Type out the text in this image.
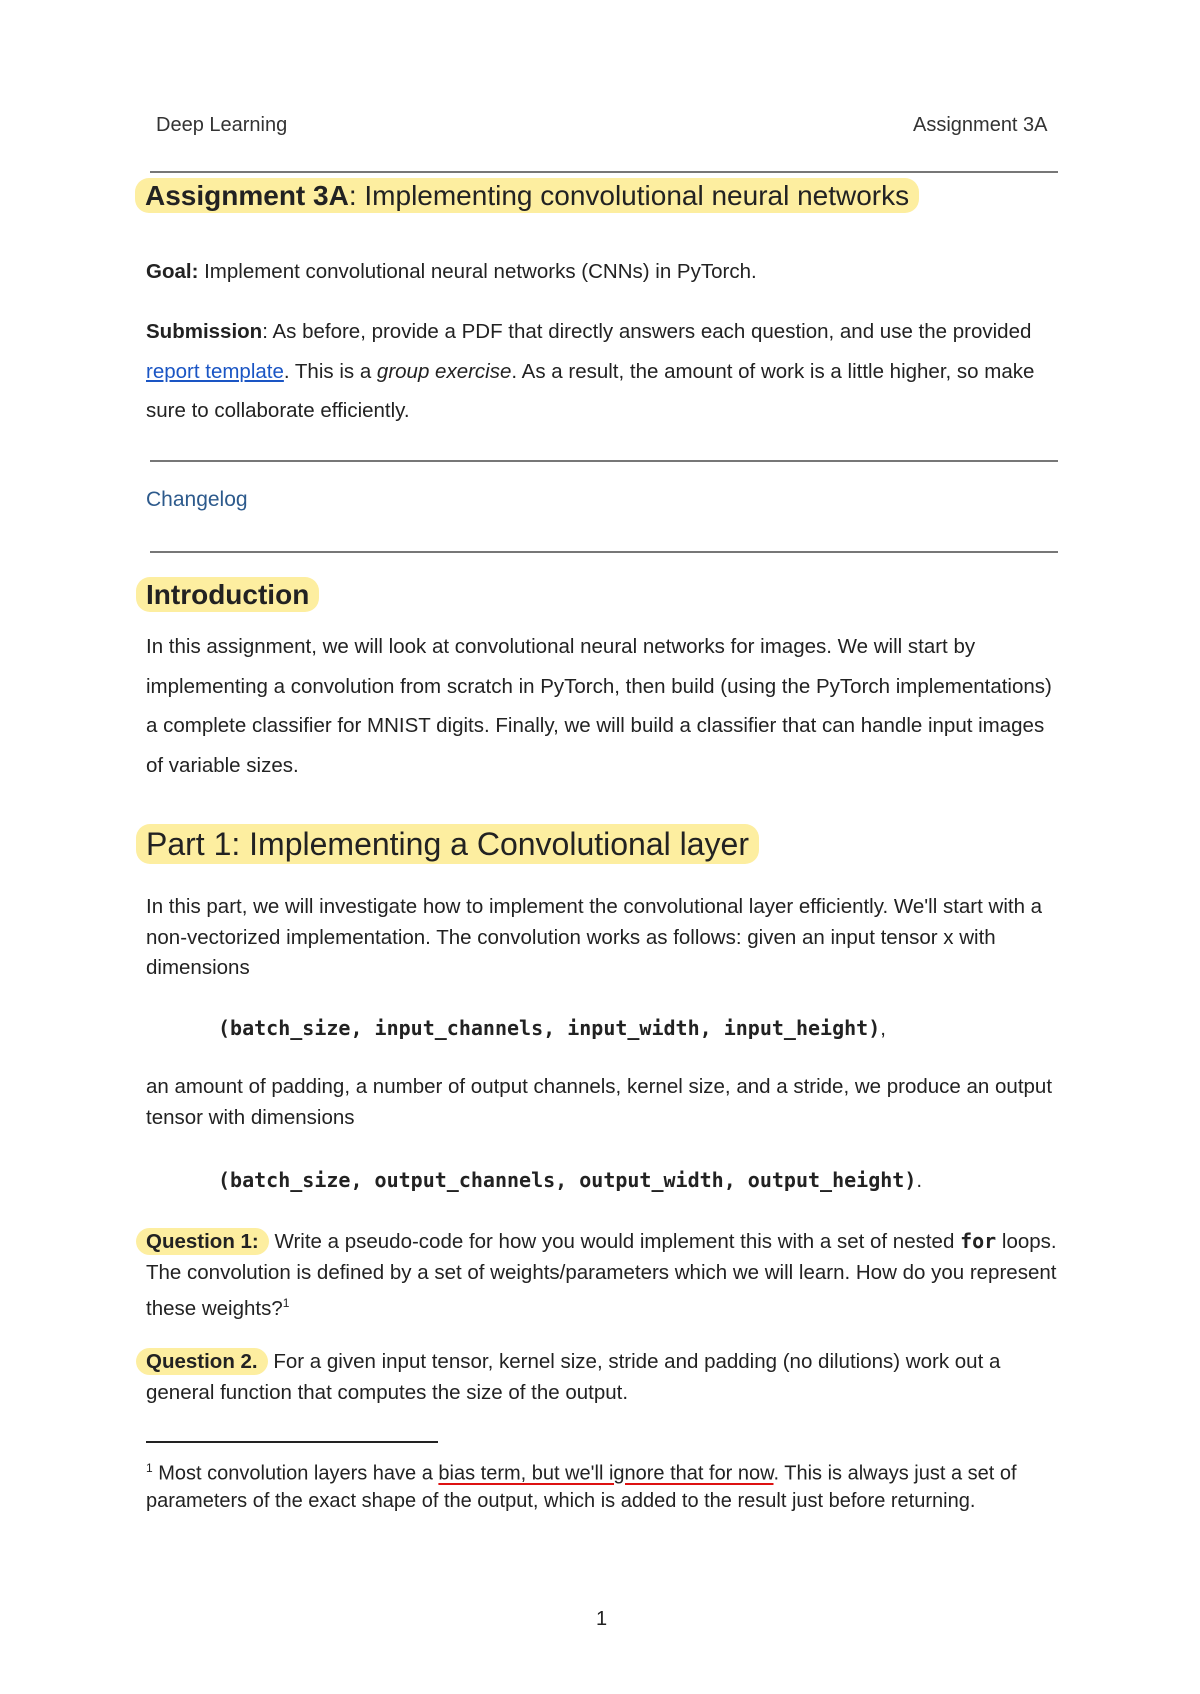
Deep Learning	Assignment 3A
Assignment 3A: Implementing convolutional neural networks
Goal: Implement convolutional neural networks (CNNs) in PyTorch.
Submission: As before, provide a PDF that directly answers each question, and use the provided report template. This is a group exercise. As a result, the amount of work is a little higher, so make sure to collaborate efficiently.
Changelog
Introduction
In this assignment, we will look at convolutional neural networks for images. We will start by implementing a convolution from scratch in PyTorch, then build (using the PyTorch implementations) a complete classifier for MNIST digits. Finally, we will build a classifier that can handle input images of variable sizes.
Part 1: Implementing a Convolutional layer
In this part, we will investigate how to implement the convolutional layer efficiently. We'll start with a non-vectorized implementation. The convolution works as follows: given an input tensor x with dimensions
(batch_size, input_channels, input_width, input_height),
an amount of padding, a number of output channels, kernel size, and a stride, we produce an output tensor with dimensions
(batch_size, output_channels, output_width, output_height).
Question 1: Write a pseudo-code for how you would implement this with a set of nested for loops. The convolution is defined by a set of weights/parameters which we will learn. How do you represent these weights?$^1$
Question 2. For a given input tensor, kernel size, stride and padding (no dilutions) work out a general function that computes the size of the output.
$^1$ Most convolution layers have a bias term, but we'll ignore that for now. This is always just a set of parameters of the exact shape of the output, which is added to the result just before returning.
1
